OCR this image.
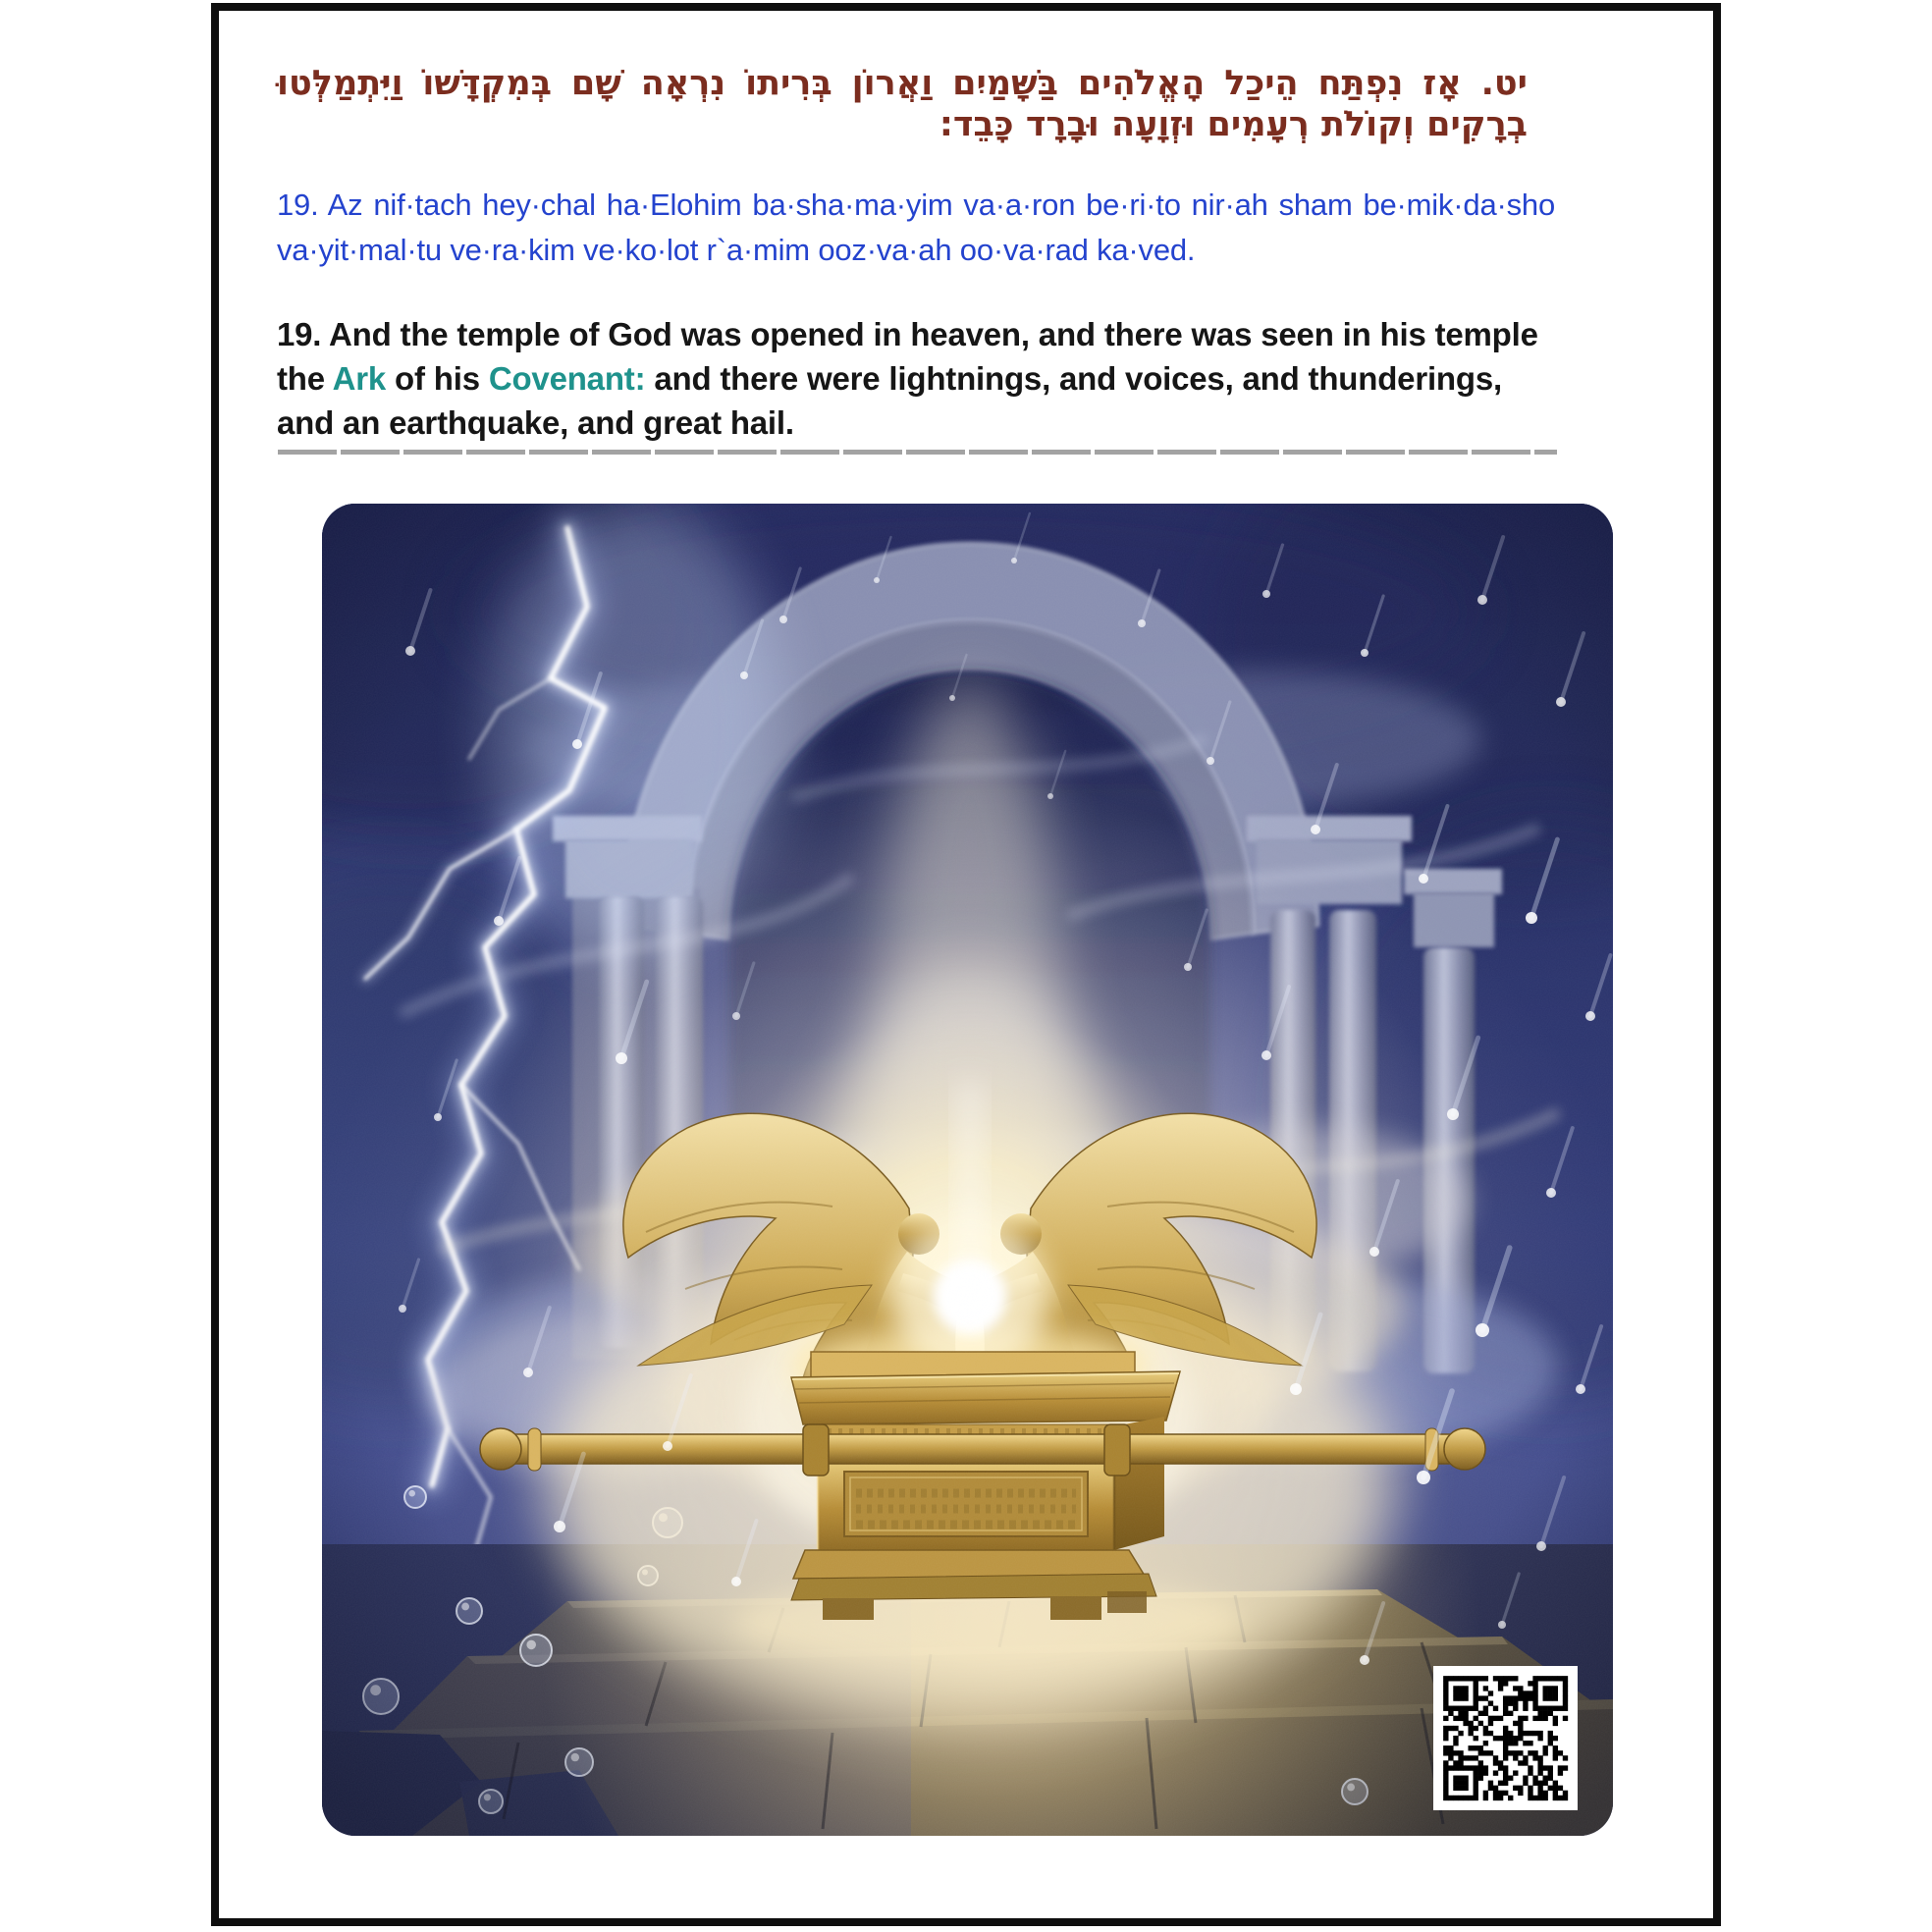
יט. אָז נִפְתַּח הֵיכַל הָאֱלֹהִים בַּשָּׁמַיִם וַאֲרוֹן בְּרִיתוֹ נִרְאָה שָׁם בְּמִקְדָּשׁוֹ וַיִּתְמַלְּטוּ בְרָקִים וְקוֹלֹת רְעָמִים וּזְוָעָה וּבָרָד כָּבֵד:
19. Az nif·tach hey·chal ha·Elohim ba·sha·ma·yim va·a·ron be·ri·to nir·ah sham be·mik·da·sho va·yit·mal·tu ve·ra·kim ve·ko·lot r`a·mim ooz·va·ah oo·va·rad ka·ved.
19. And the temple of God was opened in heaven, and there was seen in his temple the Ark of his Covenant: and there were lightnings, and voices, and thunderings, and an earthquake, and great hail.
